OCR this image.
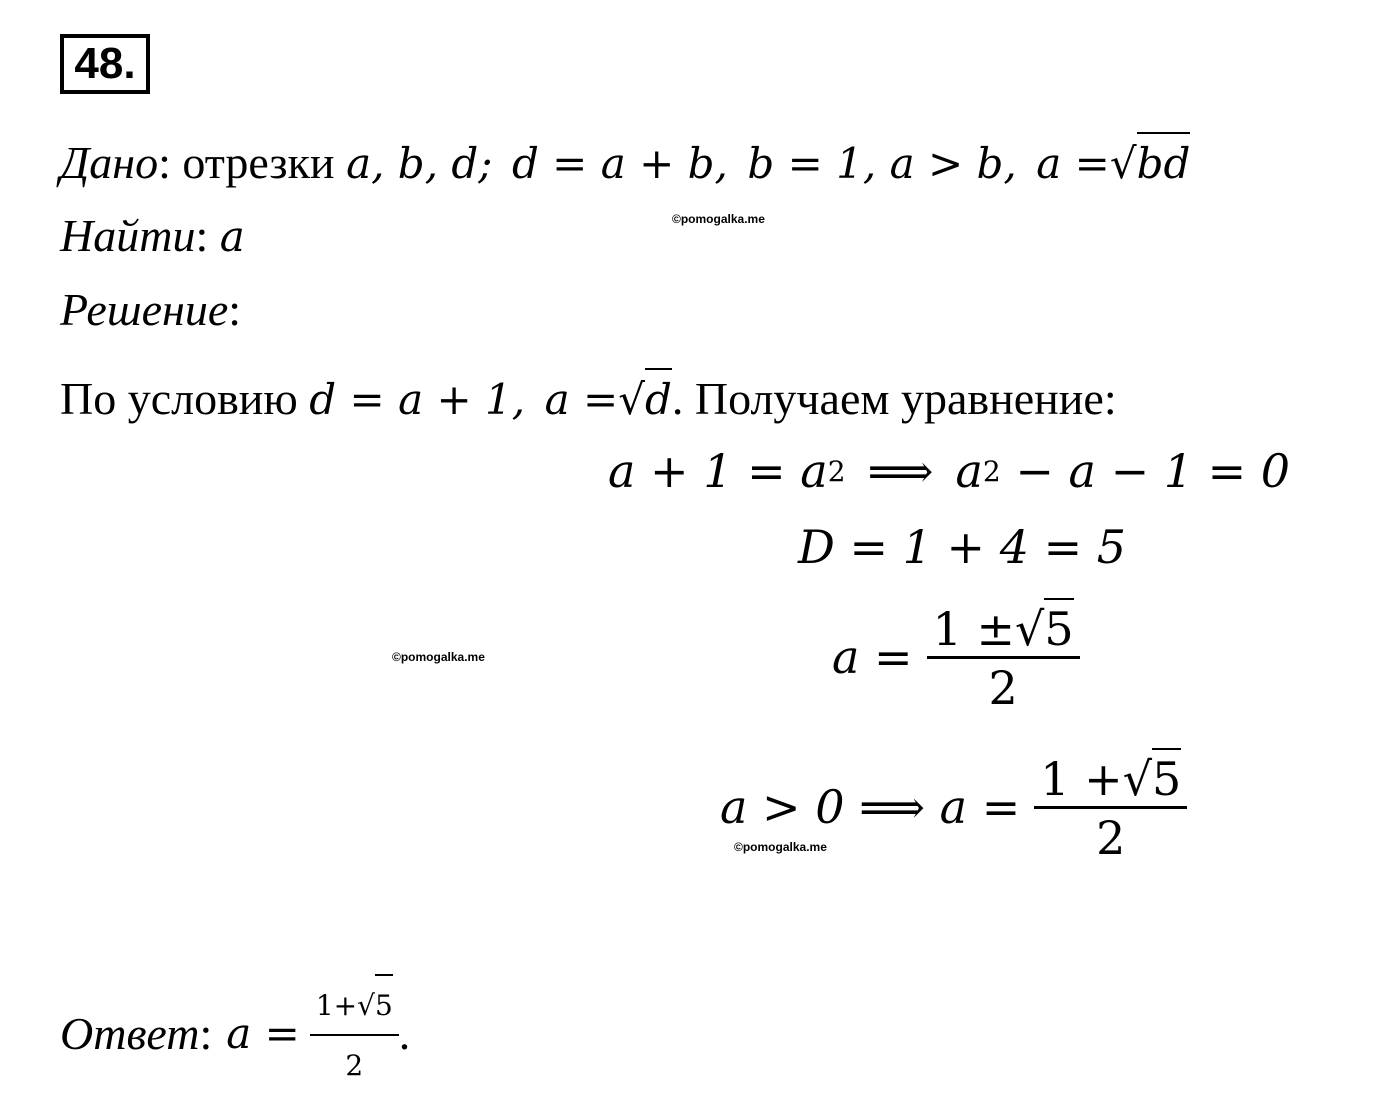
48.
Дано: отрезки a, b, d; d = a + b, b = 1, a > b, a =√bd
©pomogalka.me
Найти: a
Решение:
По условию d = a + 1, a =√d. Получаем уравнение:
a + 1 = a 2 ⟹ a 2 − a − 1 = 0
D = 1 + 4 = 5
©pomogalka.me	$a = \frac{1 \pm√5}{2}$
a > 0 ⟹ $a = \frac{1 +√5}{2}$
©pomogalka.me
Ответ : $a = \frac{1+√5}{2}$ .
